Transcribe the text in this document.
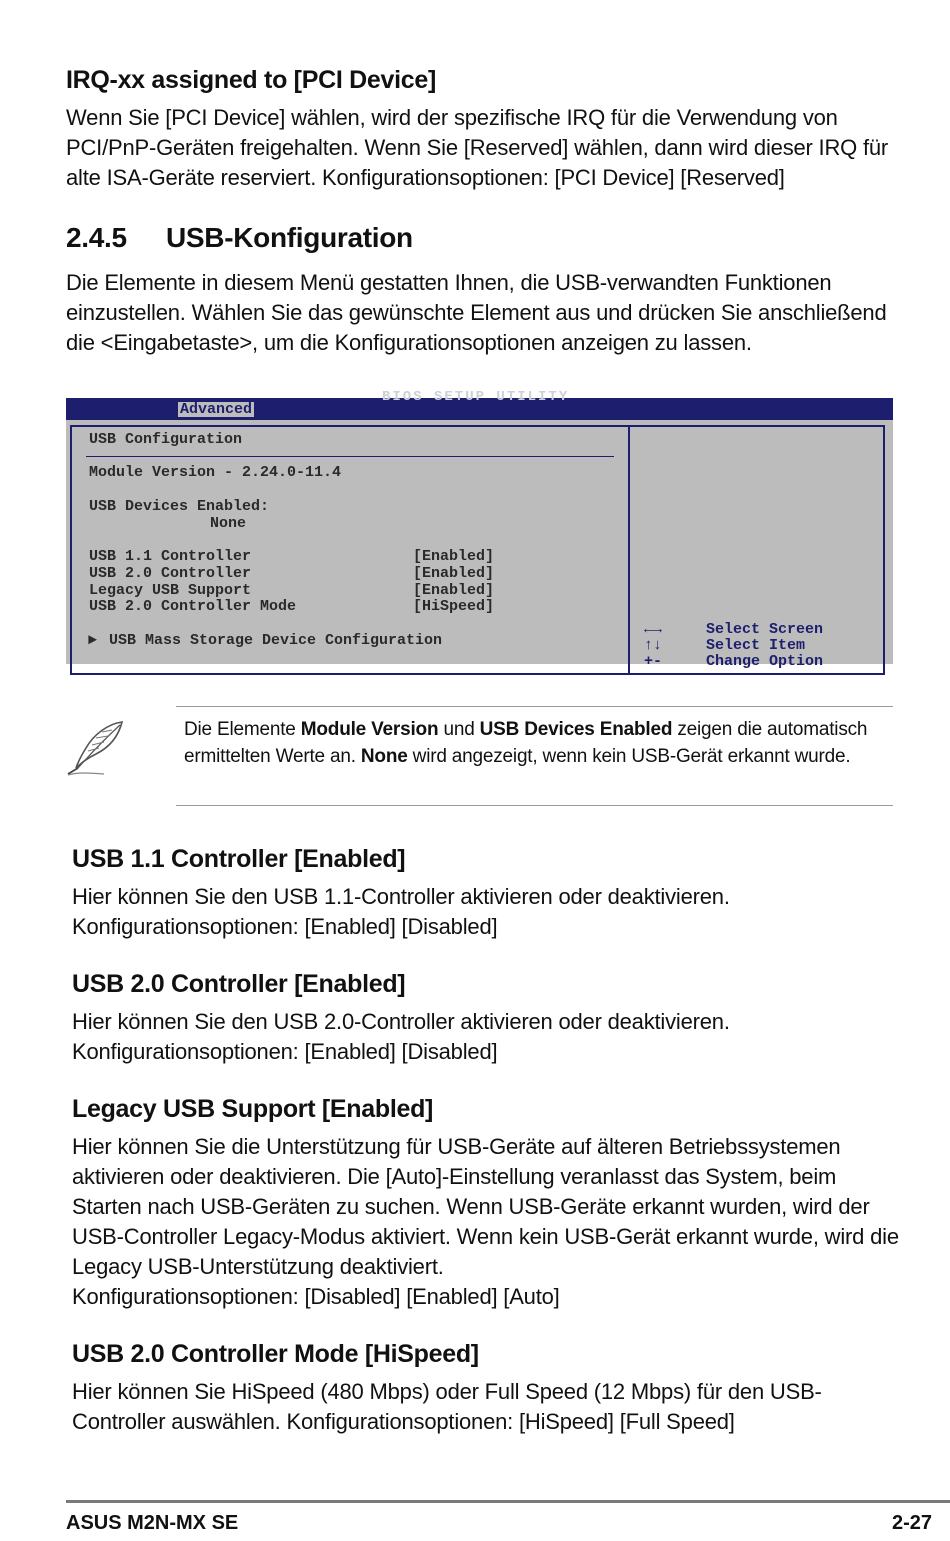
IRQ-xx assigned to [PCI Device]

Wenn Sie [PCI Device] wählen, wird der spezifische IRQ für die Verwendung von PCI/PnP-Geräten freigehalten. Wenn Sie [Reserved] wählen, dann wird dieser IRQ für alte ISA-Geräte reserviert. Konfigurationsoptionen: [PCI Device] [Reserved]

2.4.5 USB-Konfiguration

Die Elemente in diesem Menü gestatten Ihnen, die USB-verwandten Funktionen einzustellen. Wählen Sie das gewünschte Element aus und drücken Sie anschließend die <Eingabetaste>, um die Konfigurationsoptionen anzeigen zu lassen.

BIOS SETUP UTILITY
Advanced
USB Configuration
Module Version - 2.24.0-11.4
USB Devices Enabled:
None
USB 1.1 Controller	[Enabled]
USB 2.0 Controller	[Enabled]
Legacy USB Support	[Enabled]
USB 2.0 Controller Mode	[HiSpeed]
► USB Mass Storage Device Configuration
←→	Select Screen
↑↓	Select Item
+-	Change Option
Die Elemente Module Version und USB Devices Enabled zeigen die automatisch ermittelten Werte an. None wird angezeigt, wenn kein USB-Gerät erkannt wurde.
USB 1.1 Controller [Enabled]

Hier können Sie den USB 1.1-Controller aktivieren oder deaktivieren.

Konfigurationsoptionen: [Enabled] [Disabled]

USB 2.0 Controller [Enabled]

Hier können Sie den USB 2.0-Controller aktivieren oder deaktivieren.

Konfigurationsoptionen: [Enabled] [Disabled]

Legacy USB Support [Enabled]

Hier können Sie die Unterstützung für USB-Geräte auf älteren Betriebssystemen aktivieren oder deaktivieren. Die [Auto]-Einstellung veranlasst das System, beim Starten nach USB-Geräten zu suchen. Wenn USB-Geräte erkannt wurden, wird der USB-Controller Legacy-Modus aktiviert. Wenn kein USB-Gerät erkannt wurde, wird die Legacy USB-Unterstützung deaktiviert.

Konfigurationsoptionen: [Disabled] [Enabled] [Auto]

USB 2.0 Controller Mode [HiSpeed]

Hier können Sie HiSpeed (480 Mbps) oder Full Speed (12 Mbps) für den USB-Controller auswählen. Konfigurationsoptionen: [HiSpeed] [Full Speed]

ASUS M2N-MX SE	2-27
